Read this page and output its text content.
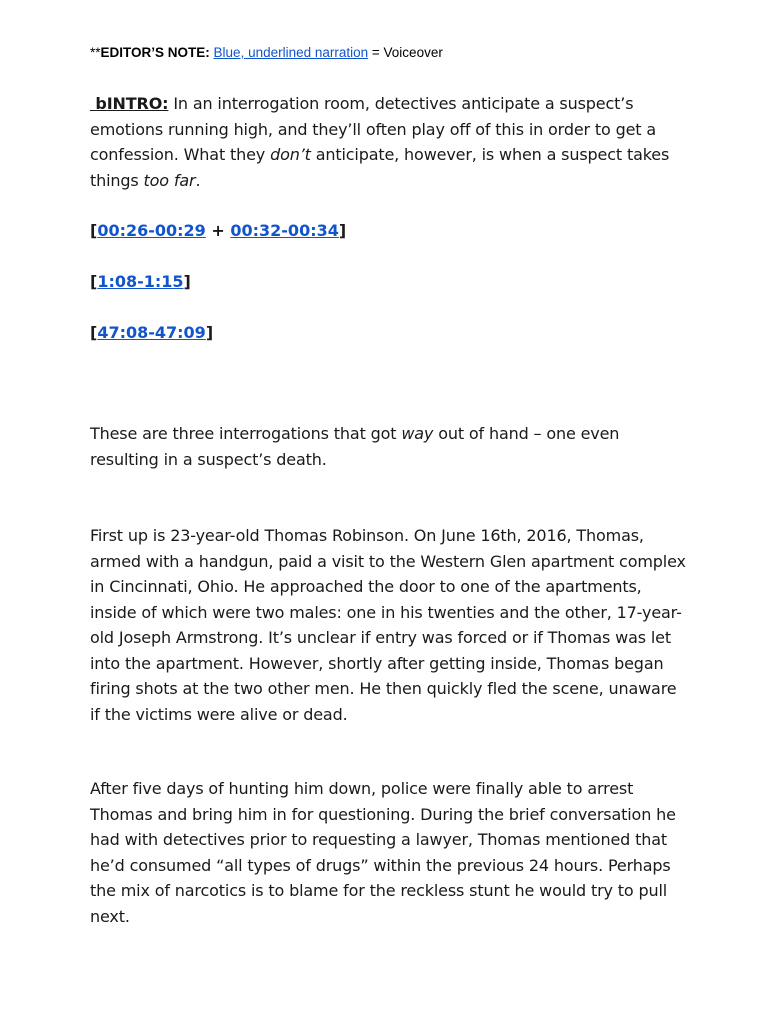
**EDITOR’S NOTE: Blue, underlined narration = Voiceover

bINTRO: In an interrogation room, detectives anticipate a suspect’s emotions running high, and they’ll often play off of this in order to get a confession. What they don’t anticipate, however, is when a suspect takes things too far.

[00:26-00:29 + 00:32-00:34]
[1:08-1:15]
[47:08-47:09]

These are three interrogations that got way out of hand – one even resulting in a suspect’s death.

First up is 23-year-old Thomas Robinson. On June 16th, 2016, Thomas, armed with a handgun, paid a visit to the Western Glen apartment complex in Cincinnati, Ohio. He approached the door to one of the apartments, inside of which were two males: one in his twenties and the other, 17-year-old Joseph Armstrong. It’s unclear if entry was forced or if Thomas was let into the apartment. However, shortly after getting inside, Thomas began firing shots at the two other men. He then quickly fled the scene, unaware if the victims were alive or dead.

After five days of hunting him down, police were finally able to arrest Thomas and bring him in for questioning. During the brief conversation he had with detectives prior to requesting a lawyer, Thomas mentioned that he’d consumed “all types of drugs” within the previous 24 hours. Perhaps the mix of narcotics is to blame for the reckless stunt he would try to pull next.
